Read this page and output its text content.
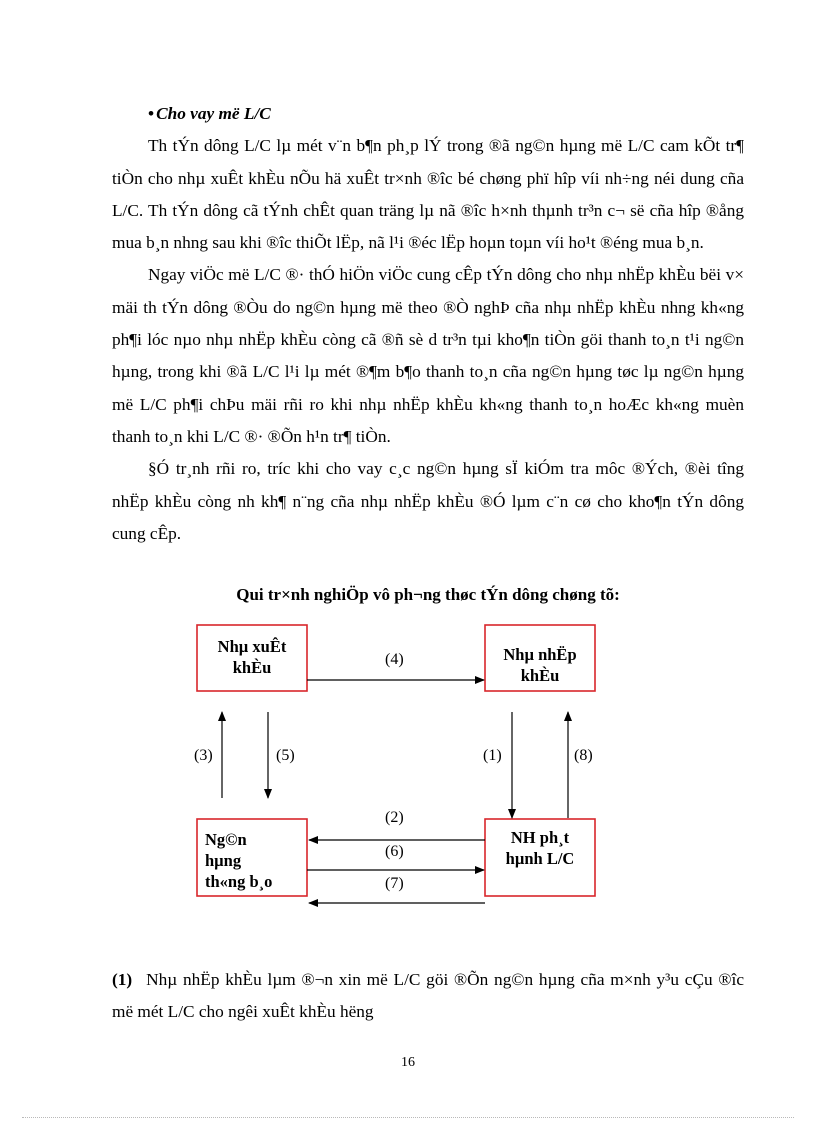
• Cho vay më L/C

Th tÝn dông L/C lµ mét v¨n b¶n ph¸p lÝ trong ®ã ng©n hµng më L/C cam kÕt tr¶ tiÒn cho nhµ xuÊt khÈu nÕu hä xuÊt tr×nh ®îc bé chøng phï hîp víi nh÷ng néi dung cña L/C. Th tÝn dông cã tÝnh chÊt quan träng lµ nã ®îc h×nh thµnh tr³n c¬ së cña hîp ®ång mua b¸n nhng sau khi ®îc thiÕt lËp, nã l¹i ®éc lËp hoµn toµn víi ho¹t ®éng mua b¸n.

Ngay viÖc më L/C ®· thÓ hiÖn viÖc cung cÊp tÝn dông cho nhµ nhËp khÈu bëi v× mäi th tÝn dông ®Òu do ng©n hµng më theo ®Ò nghÞ cña nhµ nhËp khÈu nhng kh«ng ph¶i lóc nµo nhµ nhËp khÈu còng cã ®ñ sè d tr³n tµi kho¶n tiÒn göi thanh to¸n t¹i ng©n hµng, trong khi ®ã L/C l¹i lµ mét ®¶m b¶o thanh to¸n cña ng©n hµng tøc lµ ng©n hµng më L/C ph¶i chÞu mäi rñi ro khi nhµ nhËp khÈu kh«ng thanh to¸n hoÆc kh«ng muèn thanh to¸n khi L/C ®· ®Õn h¹n tr¶ tiÒn.

§Ó tr¸nh rñi ro, tríc khi cho vay c¸c ng©n hµng sÏ kiÓm tra môc ®Ých, ®èi tîng nhËp khÈu còng nh kh¶ n¨ng cña nhµ nhËp khÈu ®Ó lµm c¨n cø cho kho¶n tÝn dông cung cÊp.

Qui tr×nh nghiÖp vô ph¬ng thøc tÝn dông chøng tõ:
Nhµ xuÊt
khÈu
Nhµ nhËp
khÈu
Ng©n
hµng
th«ng b¸o
NH ph¸t
hµnh L/C
(4)
(3)	(5)	(1)	(8)
(2)
(6)
(7)
(1) Nhµ nhËp khÈu lµm ®¬n xin më L/C göi ®Õn ng©n hµng cña m×nh y³u cÇu ®îc më mét L/C cho ngêi xuÊt khÈu hëng
16
